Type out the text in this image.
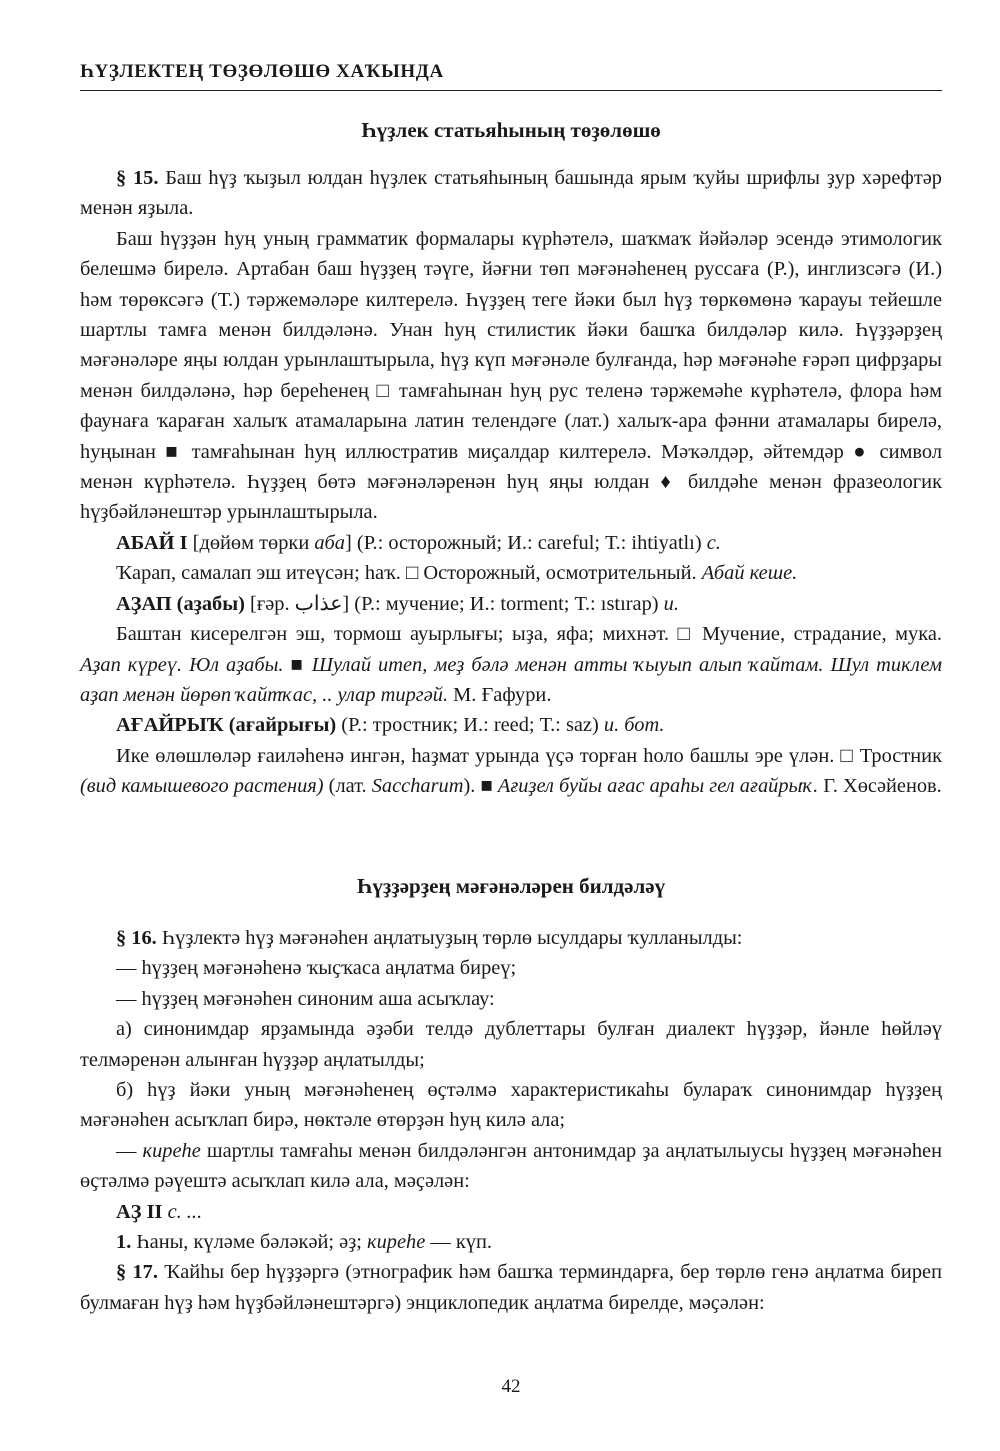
ҺҮҘЛЕКТЕҢ ТӨҘӨЛӨШӨ ХАҠЫНДА
Һүҙлек статьяһының төҙөлөшө

§ 15. Баш һүҙ ҡыҙыл юлдан һүҙлек статьяһының башында ярым ҡуйы шрифлы ҙур хәрефтәр менән яҙыла.

Баш һүҙҙән һуң уның грамматик формалары күрһәтелә, шаҡмаҡ йәйәләр эсендә этимологик белешмә бирелә. Артабан баш һүҙҙең тәүге, йәғни төп мәғәнәһенең руссаға (Р.), инглизсәгә (И.) һәм төрөксәгә (Т.) тәржемәләре килтерелә. Һүҙҙең теге йәки был һүҙ төркөмөнә ҡарауы тейешле шартлы тамға менән билдәләнә. Унан һуң стилистик йәки башҡа билдәләр килә. Һүҙҙәрҙең мәғәнәләре яңы юлдан урынлаштырыла, һүҙ күп мәғәнәле булғанда, һәр мәғәнәһе ғәрәп цифрҙары менән билдәләнә, һәр береһенең □ тамғаһынан һуң рус теленә тәржемәһе күрһәтелә, флора һәм фаунаға ҡараған халыҡ атамаларына латин телендәге (лат.) халыҡ-ара фәнни атамалары бирелә, һуңынан ■ тамғаһынан һуң иллюстратив миҫалдар килтерелә. Мәҡәлдәр, әйтемдәр ● символ менән күрһәтелә. Һүҙҙең бөтә мәғәнәләренән һуң яңы юлдан ♦ билдәһе менән фразеологик һүҙбәйләнештәр урынлаштырыла.

АБАЙ I [дөйөм төрки аба] (Р.: осторожный; И.: careful; Т.: ihtiyatlı) с.

Ҡарап, самалап эш итеүсән; һаҡ. □ Осторожный, осмотрительный. Абай кеше.

АҘАП (аҙабы) [ғәр. عذاب] (Р.: мучение; И.: torment; Т.: ıstırap) и.

Баштан кисерелгән эш, тормош ауырлығы; ыҙа, яфа; михнәт. □ Мучение, страдание, мука. Аҙап күреү. Юл аҙабы. ■ Шулай итеп, меҙ бәлә менән атты ҡыуып алып ҡайтам. Шул тиклем аҙап менән йөрөп ҡайтҡас, .. улар тиргәй. М. Ғафури.

АҒАЙРЫҠ (ағайрығы) (Р.: тростник; И.: reed; Т.: saz) и. бот.

Ике өлөшлөләр ғаиләһенә ингән, һаҙмат урында үҫә торған һоло башлы эре үлән. □ Тростник (вид камышевого растения) (лат. Saccharum). ■ Ағиҙел буйы ағас араһы гел ағайрыҡ. Г. Хөсәйенов.

Һүҙҙәрҙең мәғәнәләрен билдәләү

§ 16. Һүҙлектә һүҙ мәғәнәһен аңлатыуҙың төрлө ысулдары ҡулланылды:

— һүҙҙең мәғәнәһенә ҡыҫҡаса аңлатма биреү;

— һүҙҙең мәғәнәһен синоним аша асыҡлау:

а) синонимдар ярҙамында әҙәби телдә дублеттары булған диалект һүҙҙәр, йәнле һөйләү телмәренән алынған һүҙҙәр аңлатылды;

б) һүҙ йәки уның мәғәнәһенең өҫтәлмә характеристикаһы булараҡ синонимдар һүҙҙең мәғәнәһен асыҡлап бирә, нөктәле өтөрҙән һуң килә ала;

— киреһе шартлы тамғаһы менән билдәләнгән антонимдар ҙа аңлатылыусы һүҙҙең мәғәнәһен өҫтәлмә рәүештә асыҡлап килә ала, мәҫәлән:

АҘ II с. ...

1. Һаны, күләме бәләкәй; әҙ; киреһе — күп.

§ 17. Ҡайһы бер һүҙҙәргә (этнографик һәм башҡа терминдарға, бер төрлө генә аңлатма биреп булмаған һүҙ һәм һүҙбәйләнештәргә) энциклопедик аңлатма бирелде, мәҫәлән:

42
